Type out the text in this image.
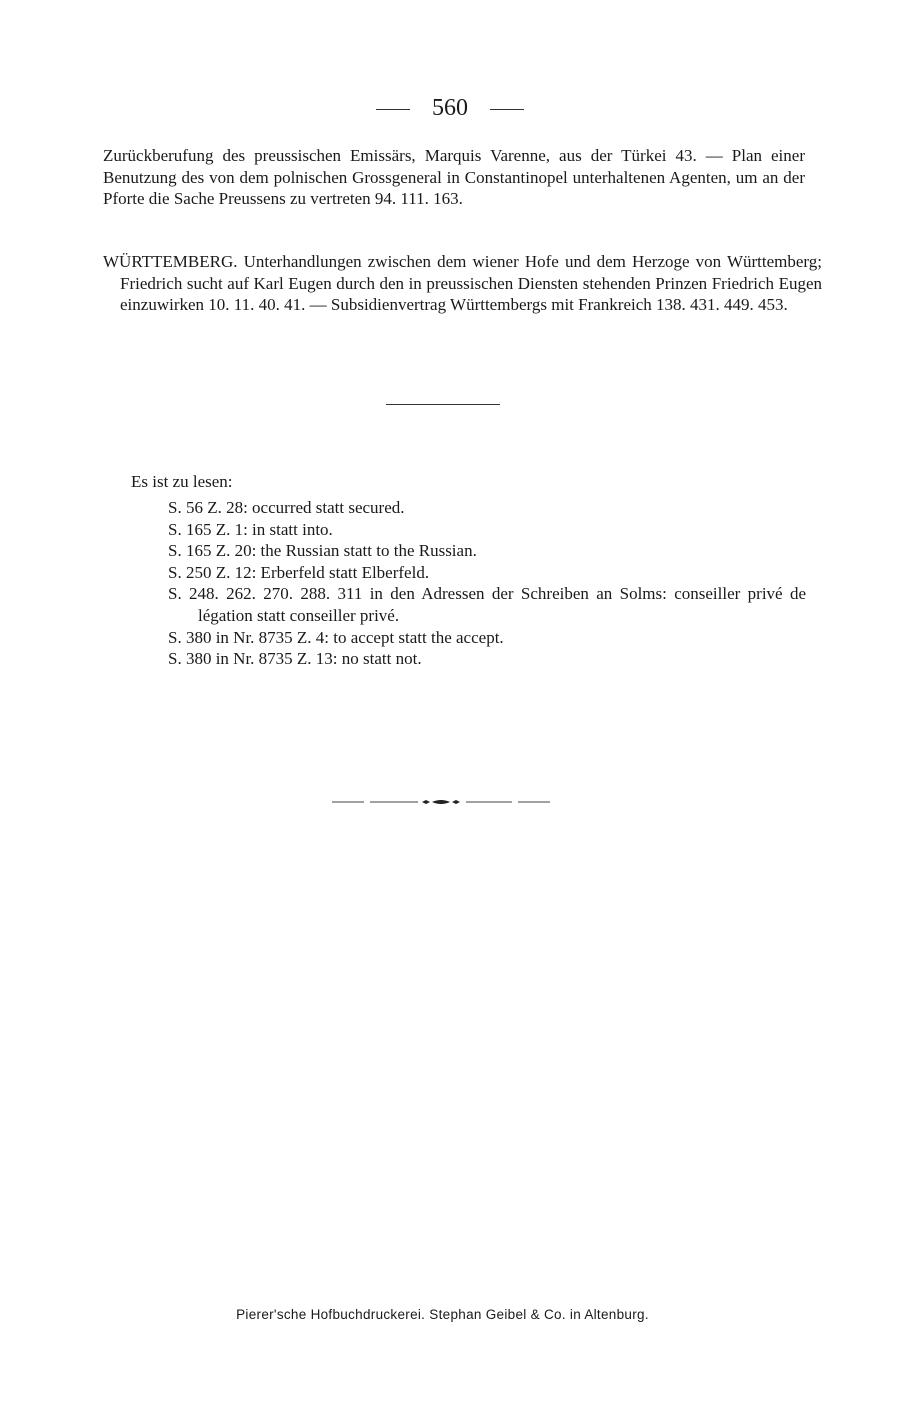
560

Zurückberufung des preussischen Emissärs, Marquis Varenne, aus der Türkei 43. — Plan einer Benutzung des von dem polnischen Grossgeneral in Constantinopel unterhaltenen Agenten, um an der Pforte die Sache Preussens zu vertreten 94. 111. 163.

WÜRTTEMBERG. Unterhandlungen zwischen dem wiener Hofe und dem Herzoge von Württemberg; Friedrich sucht auf Karl Eugen durch den in preussischen Diensten stehenden Prinzen Friedrich Eugen einzuwirken 10. 11. 40. 41. — Subsidienvertrag Württembergs mit Frankreich 138. 431. 449. 453.

Es ist zu lesen:

S. 56 Z. 28: occurred statt secured.
S. 165 Z. 1: in statt into.
S. 165 Z. 20: the Russian statt to the Russian.
S. 250 Z. 12: Erberfeld statt Elberfeld.
S. 248. 262. 270. 288. 311 in den Adressen der Schreiben an Solms: conseiller privé de légation statt conseiller privé.
S. 380 in Nr. 8735 Z. 4: to accept statt the accept.
S. 380 in Nr. 8735 Z. 13: no statt not.
Pierer'sche Hofbuchdruckerei. Stephan Geibel & Co. in Altenburg.
